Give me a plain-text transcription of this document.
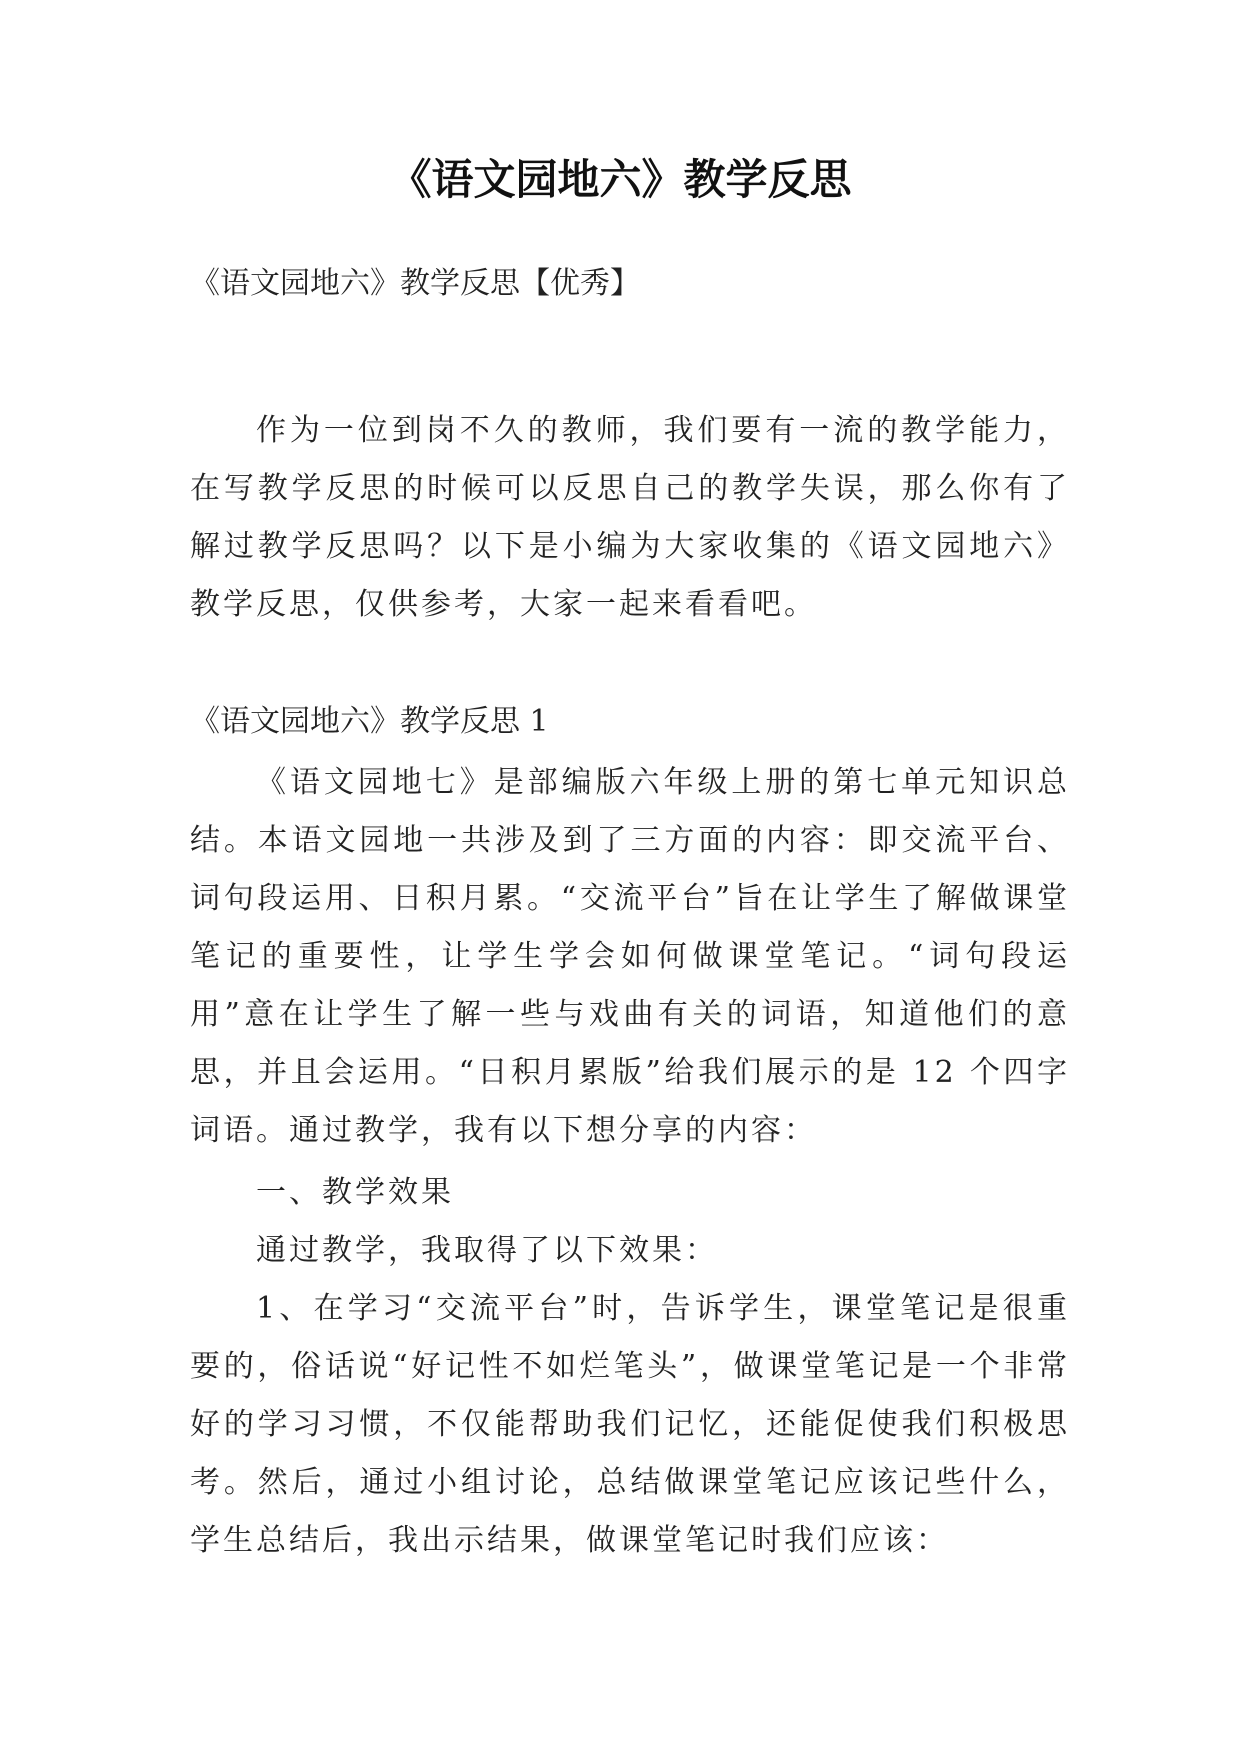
《语文园地六》教学反思

《语文园地六》教学反思【优秀】

作为一位到岗不久的教师，我们要有一流的教学能力，在写教学反思的时候可以反思自己的教学失误，那么你有了解过教学反思吗？以下是小编为大家收集的《语文园地六》教学反思，仅供参考，大家一起来看看吧。

《语文园地六》教学反思 1

《语文园地七》是部编版六年级上册的第七单元知识总结。本语文园地一共涉及到了三方面的内容：即交流平台、词句段运用、日积月累。“交流平台”旨在让学生了解做课堂笔记的重要性，让学生学会如何做课堂笔记。“词句段运用”意在让学生了解一些与戏曲有关的词语，知道他们的意思，并且会运用。“日积月累版”给我们展示的是 12 个四字词语。通过教学，我有以下想分享的内容：

一、教学效果

通过教学，我取得了以下效果：

1、在学习“交流平台”时，告诉学生，课堂笔记是很重要的，俗话说“好记性不如烂笔头”，做课堂笔记是一个非常好的学习习惯，不仅能帮助我们记忆，还能促使我们积极思考。然后，通过小组讨论，总结做课堂笔记应该记些什么，学生总结后，我出示结果，做课堂笔记时我们应该：
